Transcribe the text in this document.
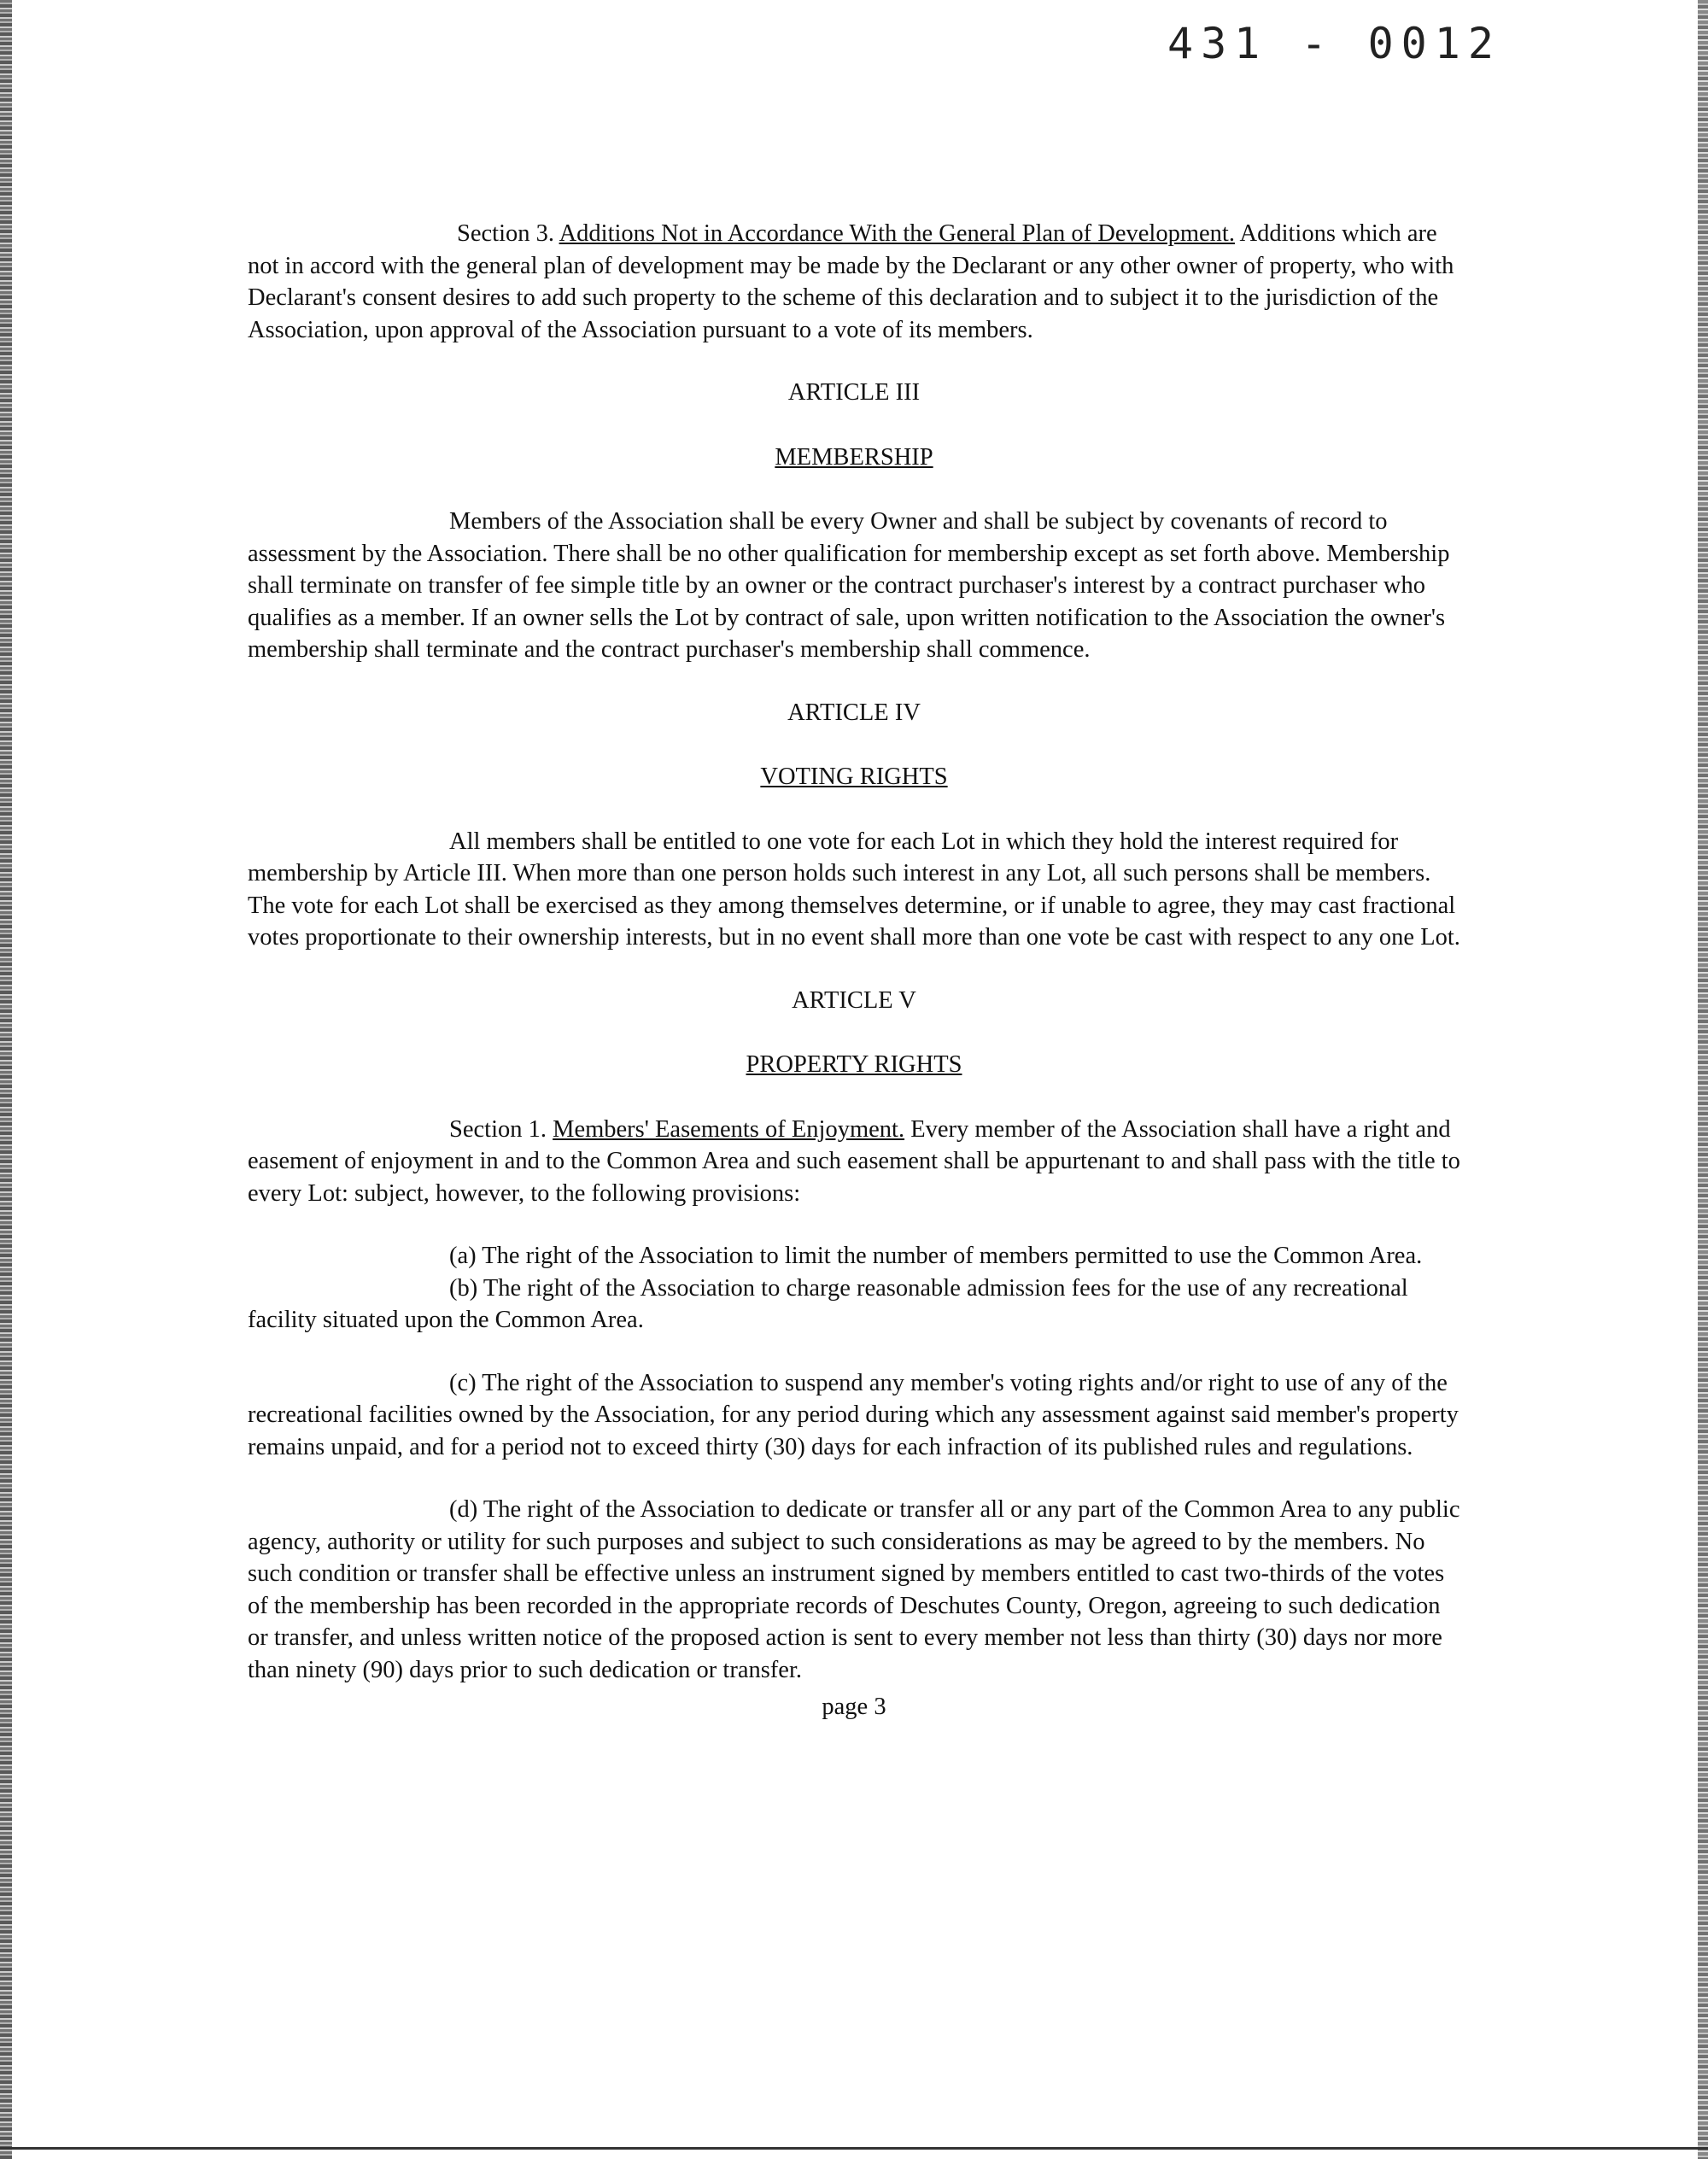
431 - 0012

Section 3. Additions Not in Accordance With the General Plan of Development. Additions which are not in accord with the general plan of development may be made by the Declarant or any other owner of property, who with Declarant's consent desires to add such property to the scheme of this declaration and to subject it to the jurisdiction of the Association, upon approval of the Association pursuant to a vote of its members.

ARTICLE III
MEMBERSHIP

Members of the Association shall be every Owner and shall be subject by covenants of record to assessment by the Association. There shall be no other qualification for membership except as set forth above. Membership shall terminate on transfer of fee simple title by an owner or the contract purchaser's interest by a contract purchaser who qualifies as a member. If an owner sells the Lot by contract of sale, upon written notification to the Association the owner's membership shall terminate and the contract purchaser's membership shall commence.

ARTICLE IV
VOTING RIGHTS

All members shall be entitled to one vote for each Lot in which they hold the interest required for membership by Article III. When more than one person holds such interest in any Lot, all such persons shall be members. The vote for each Lot shall be exercised as they among themselves determine, or if unable to agree, they may cast fractional votes proportionate to their ownership interests, but in no event shall more than one vote be cast with respect to any one Lot.

ARTICLE V
PROPERTY RIGHTS

Section 1. Members' Easements of Enjoyment. Every member of the Association shall have a right and easement of enjoyment in and to the Common Area and such easement shall be appurtenant to and shall pass with the title to every Lot: subject, however, to the following provisions:

(a) The right of the Association to limit the number of members permitted to use the Common Area.

(b) The right of the Association to charge reasonable admission fees for the use of any recreational facility situated upon the Common Area.

(c) The right of the Association to suspend any member's voting rights and/or right to use of any of the recreational facilities owned by the Association, for any period during which any assessment against said member's property remains unpaid, and for a period not to exceed thirty (30) days for each infraction of its published rules and regulations.

(d) The right of the Association to dedicate or transfer all or any part of the Common Area to any public agency, authority or utility for such purposes and subject to such considerations as may be agreed to by the members. No such condition or transfer shall be effective unless an instrument signed by members entitled to cast two-thirds of the votes of the membership has been recorded in the appropriate records of Deschutes County, Oregon, agreeing to such dedication or transfer, and unless written notice of the proposed action is sent to every member not less than thirty (30) days nor more than ninety (90) days prior to such dedication or transfer.

page 3
